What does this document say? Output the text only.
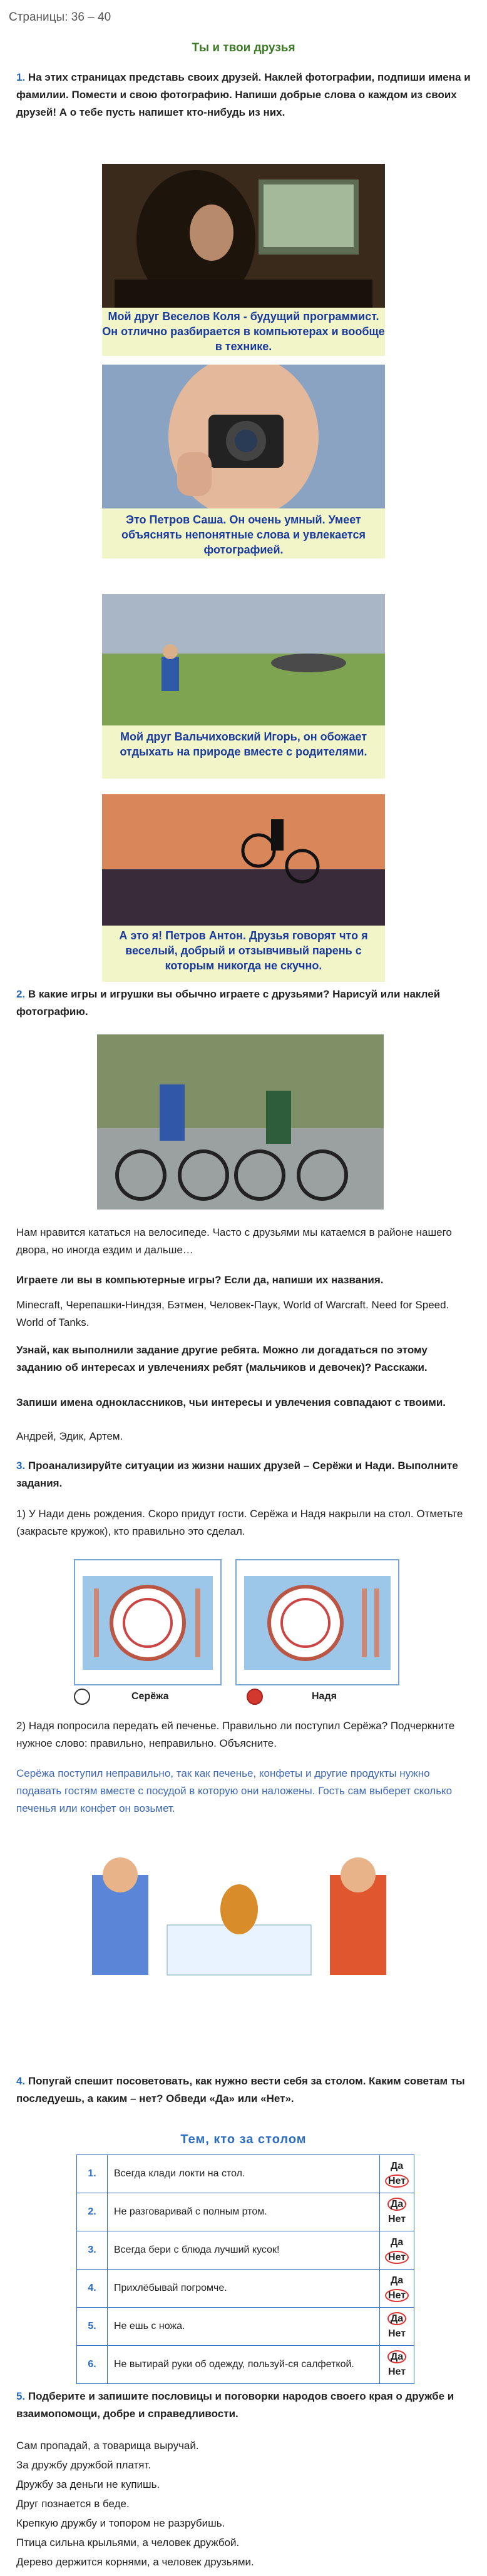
Страницы: 36 – 40
Ты и твои друзья
1. На этих страницах представь своих друзей. Наклей фотографии, подпиши имена и фамилии. Помести и свою фотографию. Напиши добрые слова о каждом из своих друзей! А о тебе пусть напишет кто-нибудь из них.
Мой друг Веселов Коля - будущий программист. Он отлично разбирается в компьютерах и вообще в технике.
Это Петров Саша. Он очень умный. Умеет объяснять непонятные слова и увлекается фотографией.
Мой друг Вальчиховский Игорь, он обожает отдыхать на природе вместе с родителями.
А это я! Петров Антон. Друзья говорят что я веселый, добрый и отзывчивый парень с которым никогда не скучно.
2. В какие игры и игрушки вы обычно играете с друзьями? Нарисуй или наклей фотографию.
Нам нравится кататься на велосипеде. Часто с друзьями мы катаемся в районе нашего двора, но иногда ездим и дальше…
Играете ли вы в компьютерные игры? Если да, напиши их названия.
Minecraft, Черепашки-Ниндзя, Бэтмен, Человек-Паук, World of Warcraft. Need for Speed. World of Tanks.
Узнай, как выполнили задание другие ребята. Можно ли догадаться по этому заданию об интересах и увлечениях ребят (мальчиков и девочек)? Расскажи.
Запиши имена одноклассников, чьи интересы и увлечения совпадают с твоими.
Андрей, Эдик, Артем.
3. Проанализируйте ситуации из жизни наших друзей – Серёжи и Нади. Выполните задания.
1) У Нади день рождения. Скоро придут гости. Серёжа и Надя накрыли на стол. Отметьте (закрасьте кружок), кто правильно это сделал.
Серёжа	Надя
2) Надя попросила передать ей печенье. Правильно ли поступил Серёжа? Подчеркните нужное слово: правильно, неправильно. Объясните.
Серёжа поступил неправильно, так как печенье, конфеты и другие продукты нужно подавать гостям вместе с посудой в которую они наложены. Гость сам выберет сколько печенья или конфет он возьмет.
4. Попугай спешит посоветовать, как нужно вести себя за столом. Каким советам ты последуешь, а каким – нет? Обведи «Да» или «Нет».
Тем, кто за столом
1.	Всегда клади локти на стол.	Да
Нет

2.	Не разговаривай с полным ртом.	Да
Нет

3.	Всегда бери с блюда лучший кусок!	Да
Нет

4.	Прихлёбывай погромче.	Да
Нет

5.	Не ешь с ножа.	Да
Нет

6.	Не вытирай руки об одежду, пользуй-ся салфеткой.	Да
Нет
5. Подберите и запишите пословицы и поговорки народов своего края о дружбе и взаимопомощи, добре и справедливости.
Сам пропадай, а товарища выручай.
За дружбу дружбой платят.
Дружбу за деньги не купишь.
Друг познается в беде.
Крепкую дружбу и топором не разрубишь.
Птица сильна крыльями, а человек дружбой.
Дерево держится корнями, а человек друзьями.
